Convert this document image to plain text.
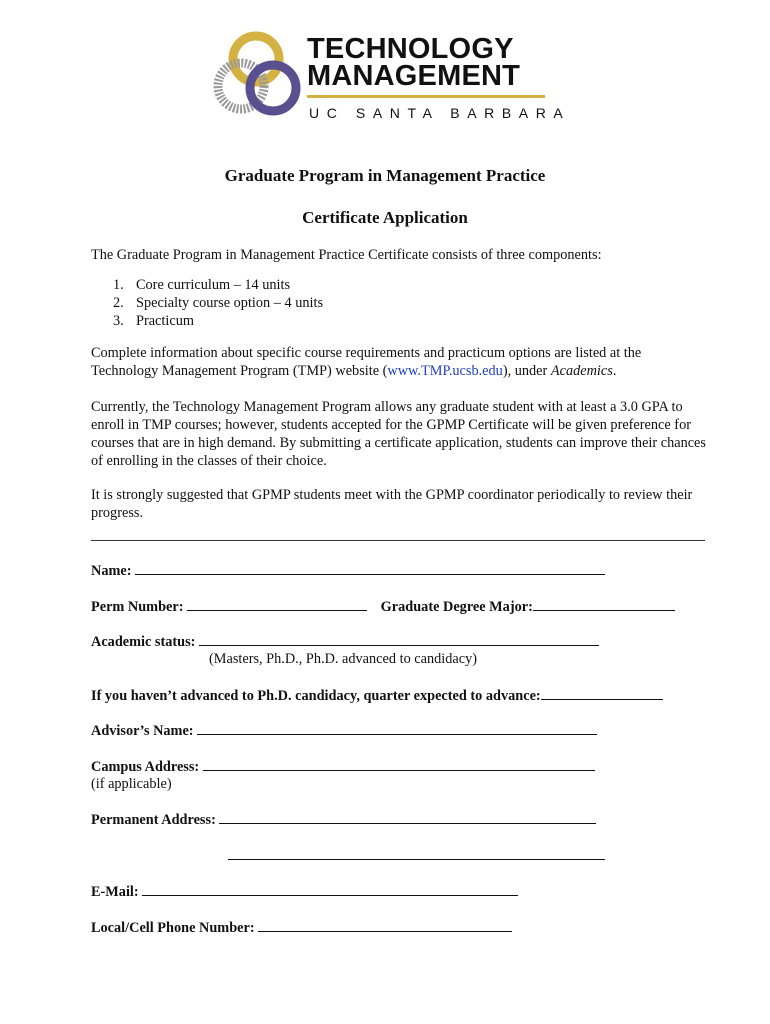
TECHNOLOGY
MANAGEMENT
UC SANTA BARBARA
Graduate Program in Management Practice
Certificate Application
The Graduate Program in Management Practice Certificate consists of three components:
1. Core curriculum – 14 units
2. Specialty course option – 4 units
3. Practicum
Complete information about specific course requirements and practicum options are listed at the Technology Management Program (TMP) website (www.TMP.ucsb.edu), under Academics.
Currently, the Technology Management Program allows any graduate student with at least a 3.0 GPA to enroll in TMP courses; however, students accepted for the GPMP Certificate will be given preference for courses that are in high demand. By submitting a certificate application, students can improve their chances of enrolling in the classes of their choice.
It is strongly suggested that GPMP students meet with the GPMP coordinator periodically to review their progress.
Name:
Perm Number:	Graduate Degree Major:
Academic status:
(Masters, Ph.D., Ph.D. advanced to candidacy)
If you haven’t advanced to Ph.D. candidacy, quarter expected to advance:
Advisor’s Name:
Campus Address:
(if applicable)
Permanent Address:
E-Mail:
Local/Cell Phone Number:
